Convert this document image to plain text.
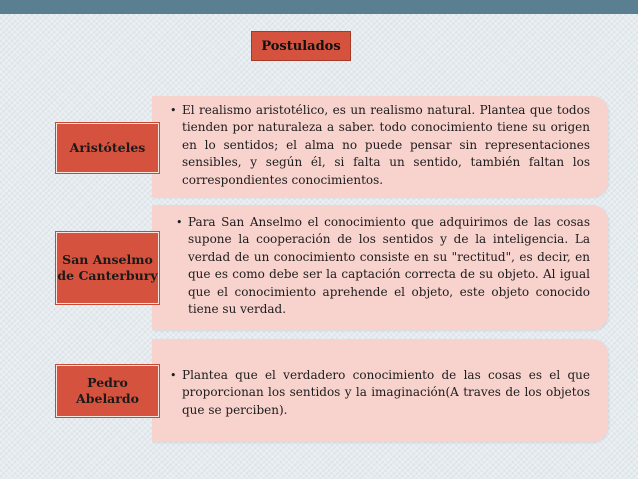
Postulados
• El realismo aristotélico, es un realismo natural. Plantea que todos tienden por naturaleza a saber. todo conocimiento tiene su origen en lo sentidos; el alma no puede pensar sin representaciones sensibles, y según él, si falta un sentido, también faltan los correspondientes conocimientos.
Aristóteles
• Para San Anselmo el conocimiento que adquirimos de las cosas supone la cooperación de los sentidos y de la inteligencia. La verdad de un conocimiento consiste en su "rectitud", es decir, en que es como debe ser la captación correcta de su objeto. Al igual que el conocimiento aprehende el objeto, este objeto conocido tiene su verdad.
San Anselmo de Canterbury
• Plantea que el verdadero conocimiento de las cosas es el que proporcionan los sentidos y la imaginación(A traves de los objetos que se perciben).
Pedro Abelardo
